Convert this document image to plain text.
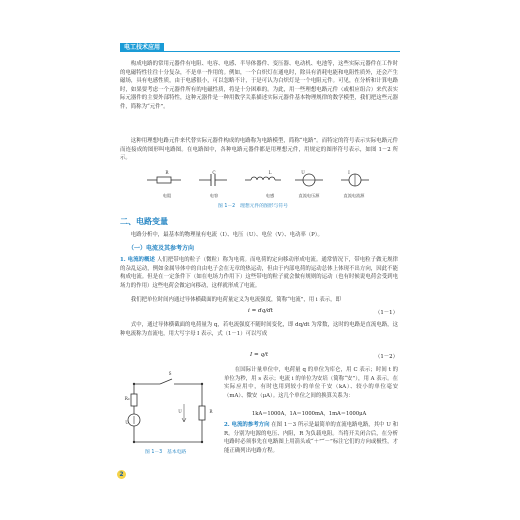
电工技术应用
构成电路的常用元器件有电阻、电容、电感、半导体器件、变压器、电动机、电池等，这些实际元器件在工作时的电磁特性往往十分复杂，不是单一作用的。例如，一个白炽灯在通电时，除具有消耗电能和电阻性质外，还会产生磁场，具有电感性质，由于电感很小，可以忽略不计，于是可认为白炽灯是一个电阻元件。可见，在分析和计算电路时，如果要考虑一个元器件所有的电磁性质，将是十分困难的。为此，用一些理想电路元件（或相应组合）来代表实际元器件的主要外部特性，这种元器件是一种用数学关系描述实际元器件基本物理规律的数学模型，我们把这些元器件，简称为“元件”。
这种用理想电路元件来代替实际元器件构成的电路称为电路模型，简称“电路”。而特定的符号表示实际电路元件而连接成的图形叫电路图。在电路图中，各种电路元器件都是用理想元件，用规定的图形符号表示，如图 1－2 所示。
R	C	L	U	I
电阻	电容	电感	直流电压源	直流电流源
图 1－2　理想元件的图形与符号
二、电路变量
电路分析中，最基本的物理量有电流（I）、电压（U）、电位（V）、电动率（P）。
（一）电流及其参考方向
1. 电流的概述 人们把带电的粒子（微粒）称为电荷。而电荷的定向移动形成电流。通常情况下，带电粒子做无规律的杂乱运动，例如金属导体中的自由电子会在无章的热运动，但由于内部电荷的运动总体上体现不出方向，因此不能构成电流。但是在一定条件下（如在电场力作用下）这些带电的粒子就会做有规则的运动（也有时候说电荷会受到电场力的作用）这些电荷会做定向移动，这样就形成了电流。
我们把单位时间内通过导体横截面的电荷量定义为电流强度，简称“电流”，用 i 表示，即
i = dq/dt	（1－1）
式中，通过导体横截面的电荷量为 q，若电流强度不随时间变化，即 dq/dt 为常数，这时的电路是直流电路，这种电流称为直流电，用大写字母 I 表示，式（1－1）可以写成
I = q/t	（1－2）
在国际计量单位中，电荷量 q 的单位为库仑，用 C 表示；时间 t 的单位为秒，用 s 表示；电流 i 的单位为安培（简称“安”），用 A 表示。在实际应用中，有时也用到较小的单位千安（kA）、较小的单位毫安（mA）、微安（μA）。这几个单位之间的换算关系为：
1kA＝1000A，1A＝1000mA，1mA＝1000μA
2. 电流的参考方向 在图 1－3 所示是最简单的直流电路电路，其中 U 和 R。分别为电源的电压、内阻，R 为负载电阻。当将开关闭合后，在分析电路时必须事先在电路图上用箭头或“＋”“－”标注它们的方向或极性，才能正确列出电路方程。
S
R₀
U
U	R
图 1－3　基本电路
2
